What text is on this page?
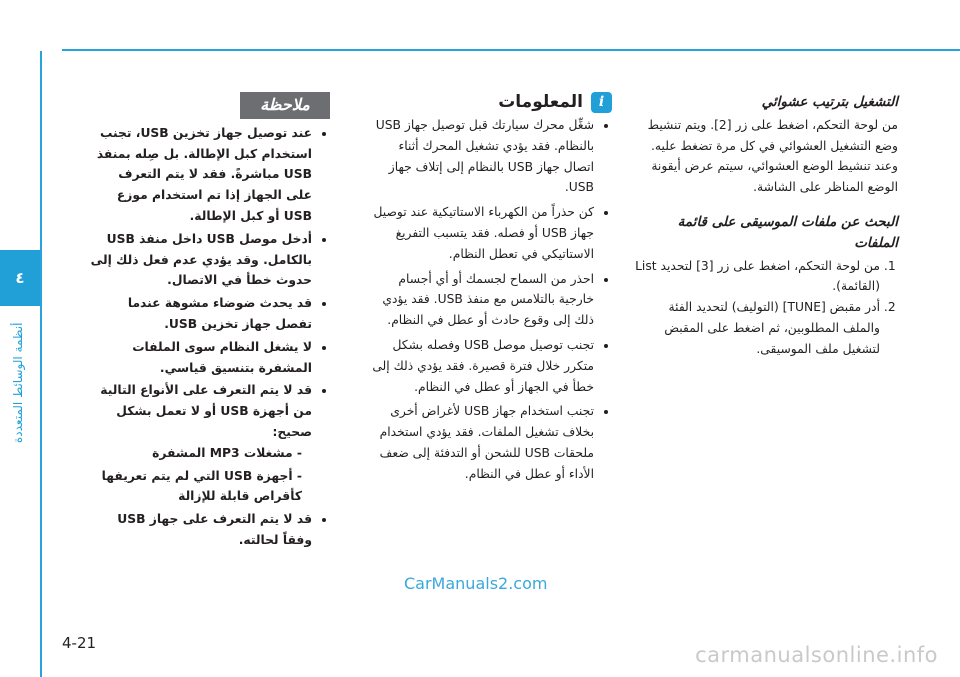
٤
أنظمة الوسائط المتعددة
التشغيل بترتيب عشوائي

من لوحة التحكم، اضغط على زر [2]. ويتم تنشيط وضع التشغيل العشوائي في كل مرة تضغط عليه. وعند تنشيط الوضع العشوائي، سيتم عرض أيقونة الوضع المناظر على الشاشة.

البحث عن ملفات الموسيقى على قائمة الملفات
1. من لوحة التحكم، اضغط على زر [3] لتحديد List (القائمة).
2. أدر مقبض [TUNE] (التوليف) لتحديد الفئة والملف المطلوبين، ثم اضغط على المقبض لتشغيل ملف الموسيقى.
i
المعلومات
• شغِّل محرك سيارتك قبل توصيل جهاز USB بالنظام. فقد يؤدي تشغيل المحرك أثناء اتصال جهاز USB بالنظام إلى إتلاف جهاز USB.
• كن حذراً من الكهرباء الاستاتيكية عند توصيل جهاز USB أو فصله. فقد يتسبب التفريغ الاستاتيكي في تعطل النظام.
• احذر من السماح لجسمك أو أي أجسام خارجية بالتلامس مع منفذ USB. فقد يؤدي ذلك إلى وقوع حادث أو عطل في النظام.
• تجنب توصيل موصل USB وفصله بشكل متكرر خلال فترة قصيرة. فقد يؤدي ذلك إلى خطأ في الجهاز أو عطل في النظام.
• تجنب استخدام جهاز USB لأغراض أخرى بخلاف تشغيل الملفات. فقد يؤدي استخدام ملحقات USB للشحن أو التدفئة إلى ضعف الأداء أو عطل في النظام.
ملاحظة
• عند توصيل جهاز تخزين USB، تجنب استخدام كبل الإطالة. بل صِله بمنفذ USB مباشرةً. فقد لا يتم التعرف على الجهاز إذا تم استخدام موزع USB أو كبل الإطالة.
• أدخل موصل USB داخل منفذ USB بالكامل. وقد يؤدي عدم فعل ذلك إلى حدوث خطأ في الاتصال.
• قد يحدث ضوضاء مشوهة عندما تفصل جهاز تخزين USB.
• لا يشغل النظام سوى الملفات المشفرة بتنسيق قياسي.
• قد لا يتم التعرف على الأنواع التالية من أجهزة USB أو لا تعمل بشكل صحيح:
- مشغلات MP3 المشفرة
- أجهزة USB التي لم يتم تعريفها كأقراص قابلة للإزالة
• قد لا يتم التعرف على جهاز USB وفقاً لحالته.
CarManuals2.com
carmanualsonline.info
4-21
